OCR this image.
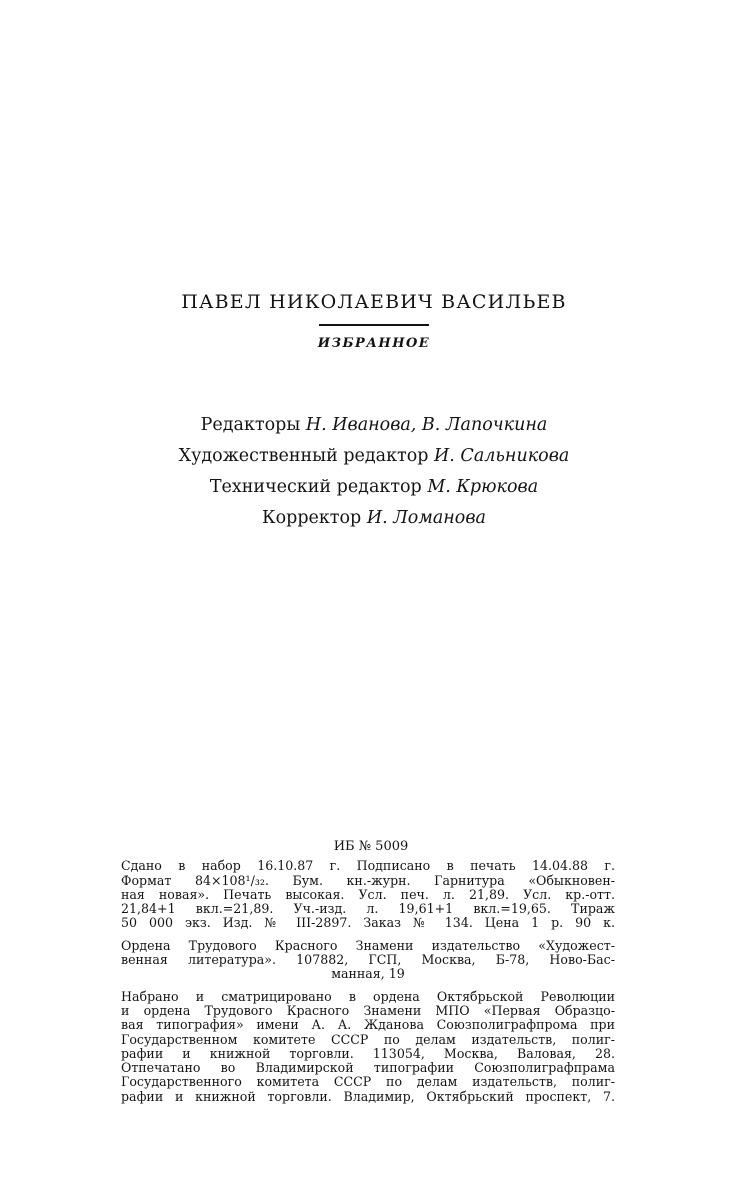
ПАВЕЛ НИКОЛАЕВИЧ ВАСИЛЬЕВ
ИЗБРАННОЕ
Редакторы Н. Иванова, В. Лапочкина
Художественный редактор И. Сальникова
Технический редактор М. Крюкова
Корректор И. Ломанова
ИБ № 5009
Сдано в набор 16.10.87 г. Подписано в печать 14.04.88 г.
Формат 84×108¹/₃₂. Бум. кн.-журн. Гарнитура «Обыкновен-
ная новая». Печать высокая. Усл. печ. л. 21,89. Усл. кр.-отт.
21,84+1 вкл.=21,89. Уч.-изд. л. 19,61+1 вкл.=19,65. Тираж
50 000 экз. Изд. № III-2897. Заказ № 134. Цена 1 р. 90 к.
Ордена Трудового Красного Знамени издательство «Художест-
венная литература». 107882, ГСП, Москва, Б-78, Ново-Бас-
манная, 19
Набрано и сматрицировано в ордена Октябрьской Революции
и ордена Трудового Красного Знамени МПО «Первая Образцо-
вая типография» имени А. А. Жданова Союзполиграфпрома при
Государственном комитете СССР по делам издательств, полиг-
рафии и книжной торговли. 113054, Москва, Валовая, 28.
Отпечатано во Владимирской типографии Союзполиграфпрама
Государственного комитета СССР по делам издательств, полиг-
рафии и книжной торговли. Владимир, Октябрьский проспект, 7.
